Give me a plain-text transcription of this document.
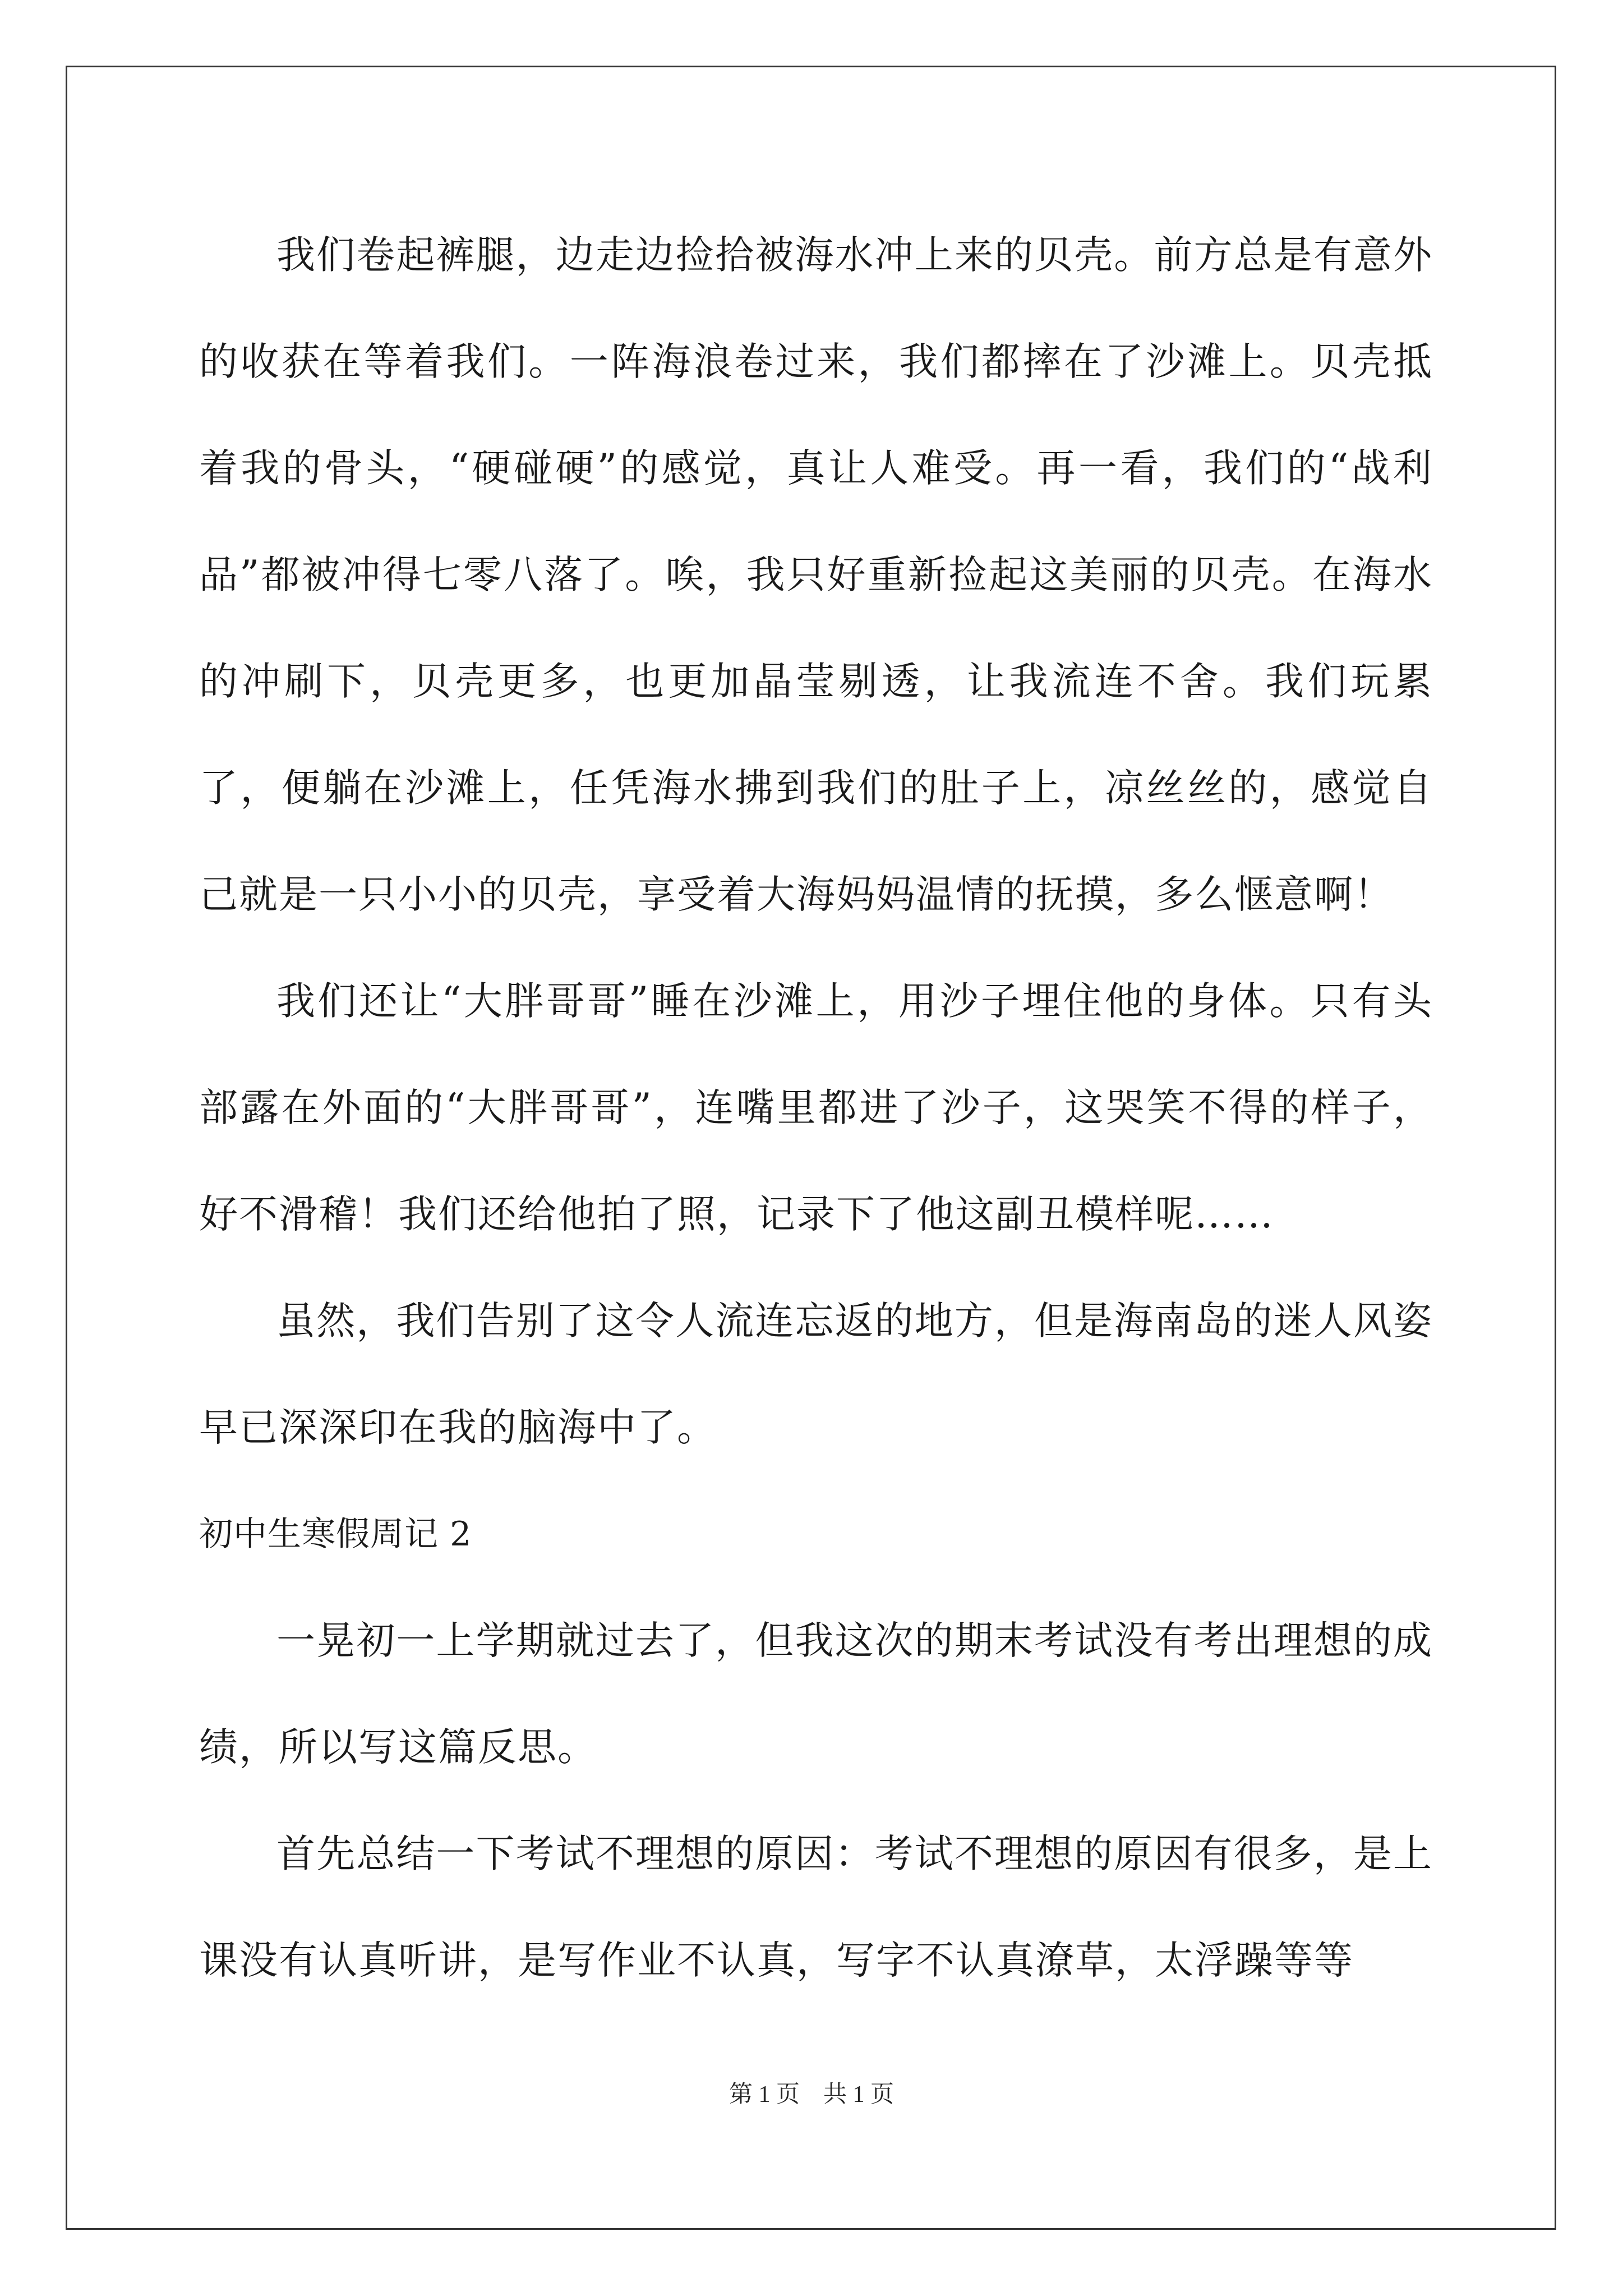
我们卷起裤腿，边走边捡拾被海水冲上来的贝壳。前方总是有意外的收获在等着我们。一阵海浪卷过来，我们都摔在了沙滩上。贝壳抵着我的骨头，“硬碰硬”的感觉，真让人难受。再一看，我们的“战利品”都被冲得七零八落了。唉，我只好重新捡起这美丽的贝壳。在海水的冲刷下，贝壳更多，也更加晶莹剔透，让我流连不舍。我们玩累了，便躺在沙滩上，任凭海水拂到我们的肚子上，凉丝丝的，感觉自己就是一只小小的贝壳，享受着大海妈妈温情的抚摸，多么惬意啊！

我们还让“大胖哥哥”睡在沙滩上，用沙子埋住他的身体。只有头部露在外面的“大胖哥哥”，连嘴里都进了沙子，这哭笑不得的样子，好不滑稽！我们还给他拍了照，记录下了他这副丑模样呢……

虽然，我们告别了这令人流连忘返的地方，但是海南岛的迷人风姿早已深深印在我的脑海中了。

初中生寒假周记 2

一晃初一上学期就过去了，但我这次的期末考试没有考出理想的成绩，所以写这篇反思。

首先总结一下考试不理想的原因：考试不理想的原因有很多，是上课没有认真听讲，是写作业不认真，写字不认真潦草，太浮躁等等

第 1 页　共 1 页
